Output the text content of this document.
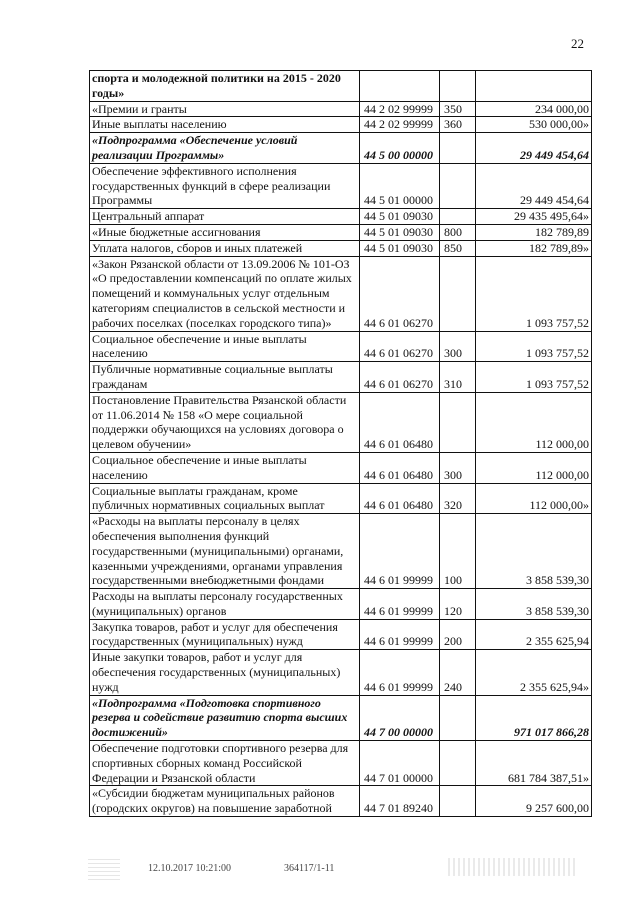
22
спорта и молодежной политики на 2015 - 2020 годы»			
«Премии и гранты	44 2 02 99999	350	234 000,00
Иные выплаты населению	44 2 02 99999	360	530 000,00»
«Подпрограмма «Обеспечение условий реализации Программы»	44 5 00 00000		29 449 454,64
Обеспечение эффективного исполнения государственных функций в сфере реализации Программы	44 5 01 00000		29 449 454,64
Центральный аппарат	44 5 01 09030		29 435 495,64»
«Иные бюджетные ассигнования	44 5 01 09030	800	182 789,89
Уплата налогов, сборов и иных платежей	44 5 01 09030	850	182 789,89»
«Закон Рязанской области от 13.09.2006 № 101-ОЗ «О предоставлении компенсаций по оплате жилых помещений и коммунальных услуг отдельным категориям специалистов в сельской местности и рабочих поселках (поселках городского типа)»	44 6 01 06270		1 093 757,52
Социальное обеспечение и иные выплаты населению	44 6 01 06270	300	1 093 757,52
Публичные нормативные социальные выплаты гражданам	44 6 01 06270	310	1 093 757,52
Постановление Правительства Рязанской области от 11.06.2014 № 158 «О мере социальной поддержки обучающихся на условиях договора о целевом обучении»	44 6 01 06480		112 000,00
Социальное обеспечение и иные выплаты населению	44 6 01 06480	300	112 000,00
Социальные выплаты гражданам, кроме публичных нормативных социальных выплат	44 6 01 06480	320	112 000,00»
«Расходы на выплаты персоналу в целях обеспечения выполнения функций государственными (муниципальными) органами, казенными учреждениями, органами управления государственными внебюджетными фондами	44 6 01 99999	100	3 858 539,30
Расходы на выплаты персоналу государственных (муниципальных) органов	44 6 01 99999	120	3 858 539,30
Закупка товаров, работ и услуг для обеспечения государственных (муниципальных) нужд	44 6 01 99999	200	2 355 625,94
Иные закупки товаров, работ и услуг для обеспечения государственных (муниципальных) нужд	44 6 01 99999	240	2 355 625,94»
«Подпрограмма «Подготовка спортивного резерва и содействие развитию спорта высших достижений»	44 7 00 00000		971 017 866,28
Обеспечение подготовки спортивного резерва для спортивных сборных команд Российской Федерации и Рязанской области	44 7 01 00000		681 784 387,51»
«Субсидии бюджетам муниципальных районов (городских округов) на повышение заработной	44 7 01 89240		9 257 600,00
12.10.2017 10:21:00	364117/1-11
